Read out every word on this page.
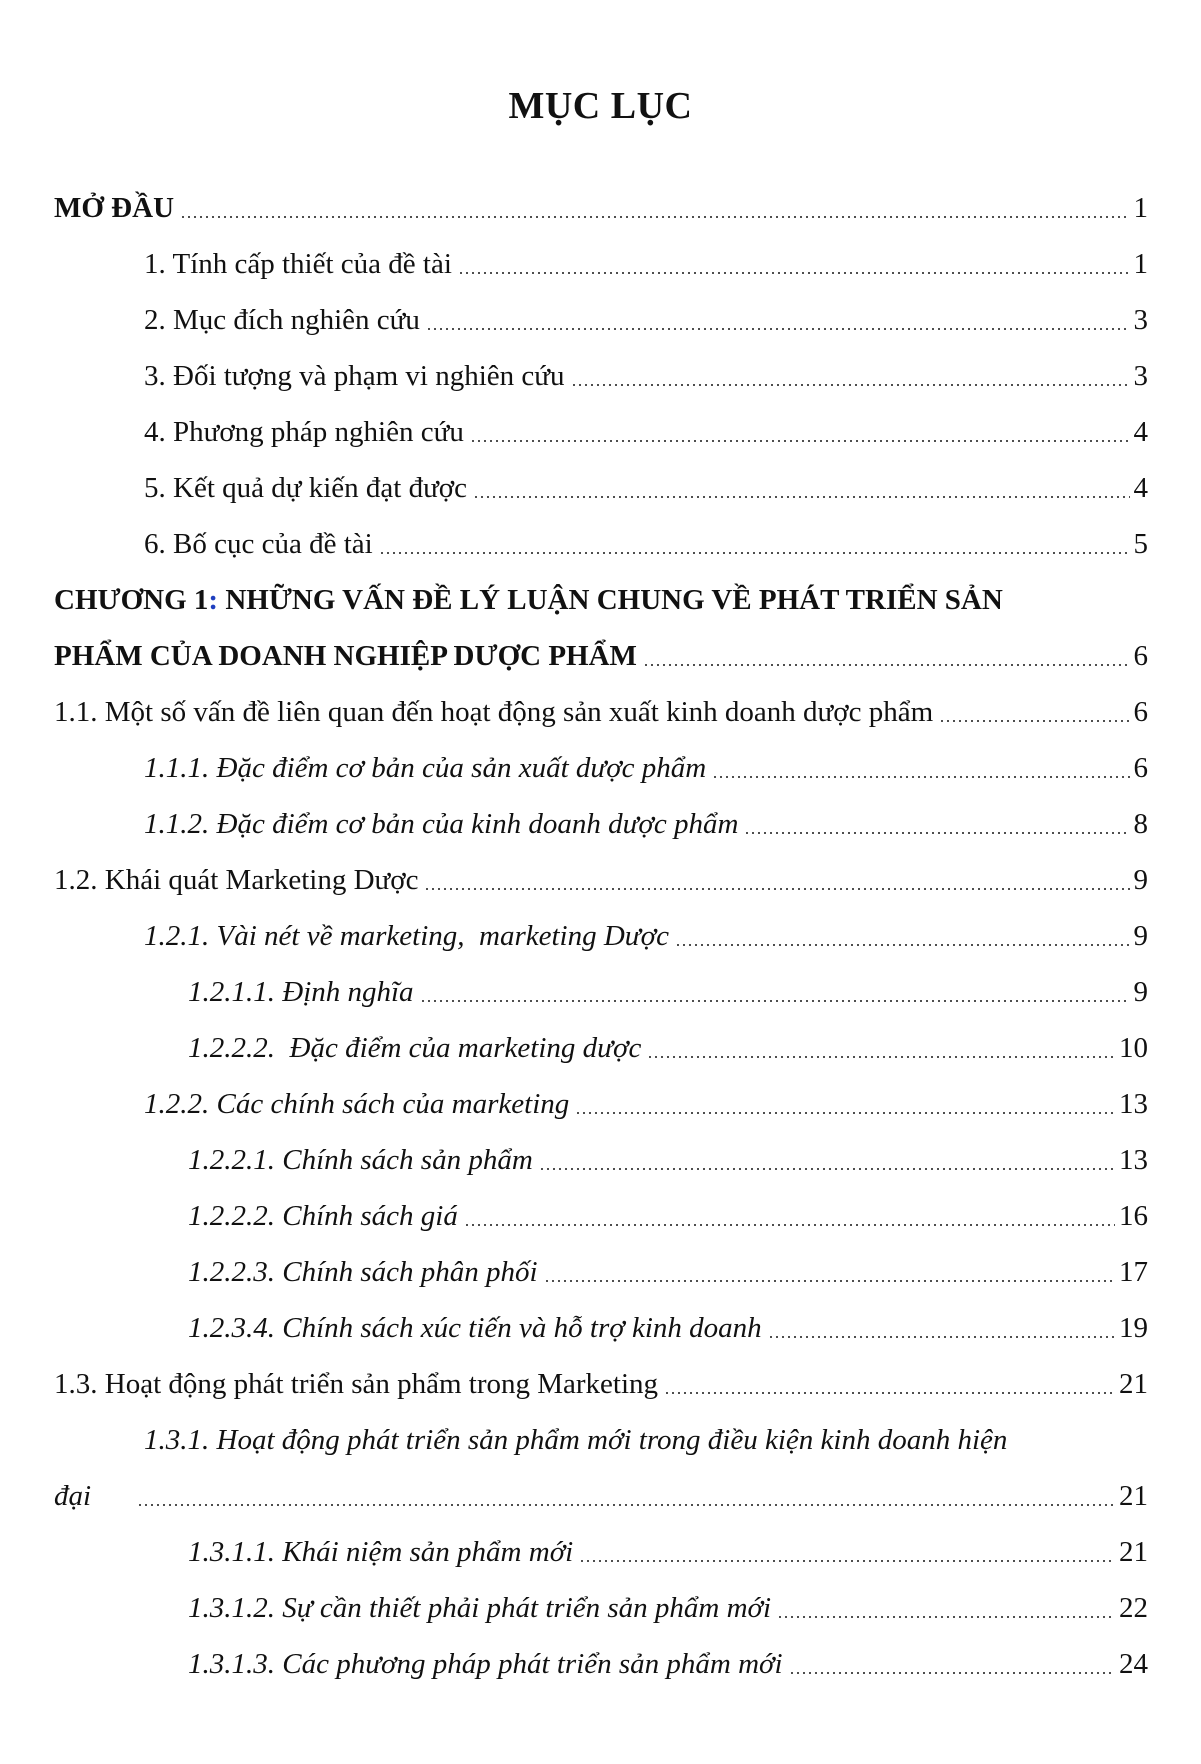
MỤC LỤC
MỞ ĐẦU	1
1. Tính cấp thiết của đề tài	1
2. Mục đích nghiên cứu	3
3. Đối tượng và phạm vi nghiên cứu	3
4. Phương pháp nghiên cứu	4
5. Kết quả dự kiến đạt được	4
6. Bố cục của đề tài	5
CHƯƠNG 1: NHỮNG VẤN ĐỀ LÝ LUẬN CHUNG VỀ PHÁT TRIỂN SẢN
PHẨM CỦA DOANH NGHIỆP DƯỢC PHẨM	6
1.1. Một số vấn đề liên quan đến hoạt động sản xuất kinh doanh dược phẩm	6
1.1.1. Đặc điểm cơ bản của sản xuất dược phẩm	6
1.1.2. Đặc điểm cơ bản của kinh doanh dược phẩm	8
1.2. Khái quát Marketing Dược	9
1.2.1. Vài nét về marketing,  marketing Dược	9
1.2.1.1. Định nghĩa	9
1.2.2.2.  Đặc điểm của marketing dược	10
1.2.2. Các chính sách của marketing	13
1.2.2.1. Chính sách sản phẩm	13
1.2.2.2. Chính sách giá	16
1.2.2.3. Chính sách phân phối	17
1.2.3.4. Chính sách xúc tiến và hỗ trợ kinh doanh	19
1.3. Hoạt động phát triển sản phẩm trong Marketing	21
1.3.1. Hoạt động phát triển sản phẩm mới trong điều kiện kinh doanh hiện
đại	21
1.3.1.1. Khái niệm sản phẩm mới	21
1.3.1.2. Sự cần thiết phải phát triển sản phẩm mới	22
1.3.1.3. Các phương pháp phát triển sản phẩm mới	24
